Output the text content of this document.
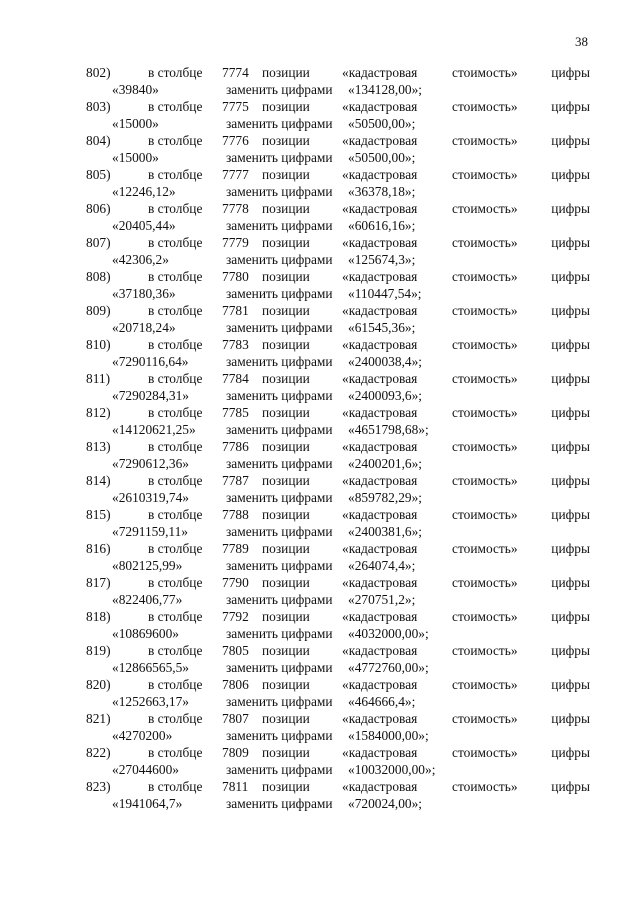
38
802)	в столбце 7774 позиции «кадастровая	стоимость»	цифры
«39840»	заменить цифрами «134128,00»;
803)	в столбце 7775 позиции «кадастровая	стоимость»	цифры
«15000»	заменить цифрами «50500,00»;
804)	в столбце 7776 позиции «кадастровая	стоимость»	цифры
«15000»	заменить цифрами «50500,00»;
805)	в столбце 7777 позиции «кадастровая	стоимость»	цифры
«12246,12»	заменить цифрами «36378,18»;
806)	в столбце 7778 позиции «кадастровая	стоимость»	цифры
«20405,44»	заменить цифрами «60616,16»;
807)	в столбце 7779 позиции «кадастровая	стоимость»	цифры
«42306,2»	заменить цифрами «125674,3»;
808)	в столбце 7780 позиции «кадастровая	стоимость»	цифры
«37180,36»	заменить цифрами «110447,54»;
809)	в столбце 7781 позиции «кадастровая	стоимость»	цифры
«20718,24»	заменить цифрами «61545,36»;
810)	в столбце 7783 позиции «кадастровая	стоимость»	цифры
«7290116,64»	заменить цифрами «2400038,4»;
811)	в столбце 7784 позиции «кадастровая	стоимость»	цифры
«7290284,31»	заменить цифрами «2400093,6»;
812)	в столбце 7785 позиции «кадастровая	стоимость»	цифры
«14120621,25» заменить цифрами «4651798,68»;
813)	в столбце 7786 позиции «кадастровая	стоимость»	цифры
«7290612,36»	заменить цифрами «2400201,6»;
814)	в столбце 7787 позиции «кадастровая	стоимость»	цифры
«2610319,74»	заменить цифрами «859782,29»;
815)	в столбце 7788 позиции «кадастровая	стоимость»	цифры
«7291159,11»	заменить цифрами «2400381,6»;
816)	в столбце 7789 позиции «кадастровая	стоимость»	цифры
«802125,99»	заменить цифрами «264074,4»;
817)	в столбце 7790 позиции «кадастровая	стоимость»	цифры
«822406,77»	заменить цифрами «270751,2»;
818)	в столбце 7792 позиции «кадастровая	стоимость»	цифры
«10869600»	заменить цифрами «4032000,00»;
819)	в столбце 7805 позиции «кадастровая	стоимость»	цифры
«12866565,5»	заменить цифрами «4772760,00»;
820)	в столбце 7806 позиции «кадастровая	стоимость»	цифры
«1252663,17»	заменить цифрами «464666,4»;
821)	в столбце 7807 позиции «кадастровая	стоимость»	цифры
«4270200»	заменить цифрами «1584000,00»;
822)	в столбце 7809 позиции «кадастровая	стоимость»	цифры
«27044600»	заменить цифрами «10032000,00»;
823)	в столбце 7811 позиции «кадастровая	стоимость»	цифры
«1941064,7»	заменить цифрами «720024,00»;
